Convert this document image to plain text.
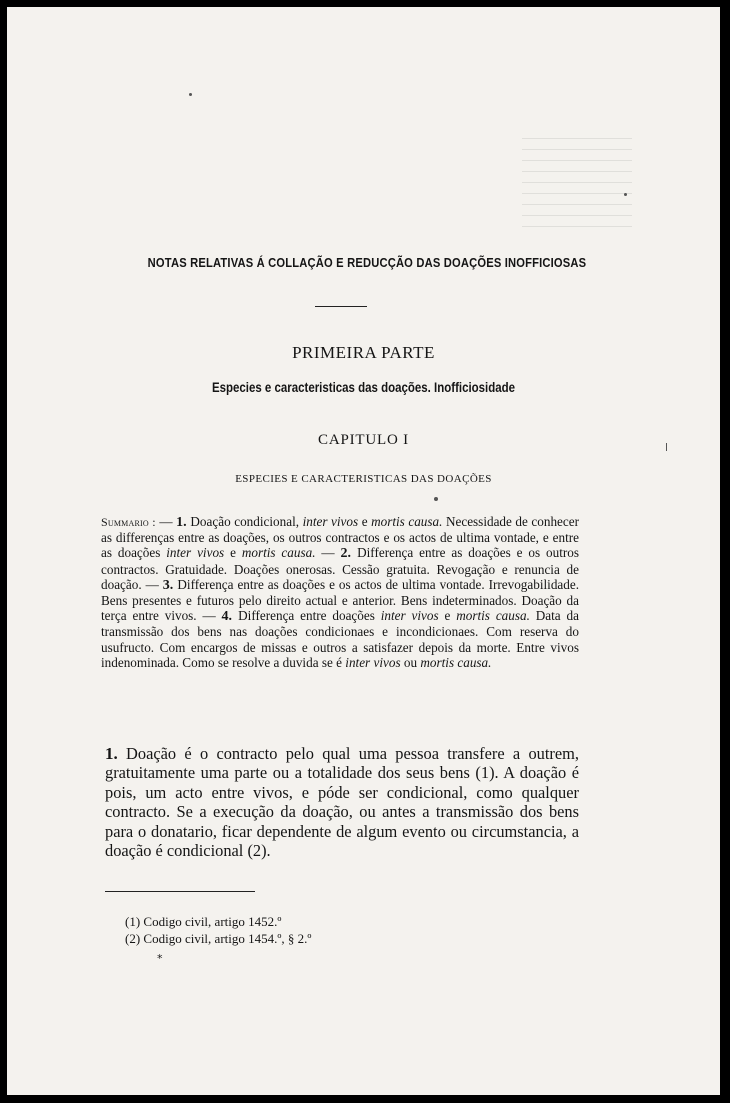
NOTAS RELATIVAS Á COLLAÇÃO E REDUCÇÃO DAS DOAÇÕES INOFFICIOSAS
PRIMEIRA PARTE
Especies e caracteristicas das doações. Inofficiosidade
CAPITULO I
ESPECIES E CARACTERISTICAS DAS DOAÇÕES

Summario : — 1. Doação condicional, inter vivos e mortis causa. Necessidade de conhecer as differenças entre as doações, os outros contractos e os actos de ultima vontade, e entre as doações inter vivos e mortis causa. — 2. Differença entre as doações e os outros contractos. Gratuidade. Doações onerosas. Cessão gratuita. Revogação e renuncia de doação. — 3. Differença entre as doações e os actos de ultima vontade. Irrevogabilidade. Bens presentes e futuros pelo direito actual e anterior. Bens indeterminados. Doação da terça entre vivos. — 4. Differença entre doações inter vivos e mortis causa. Data da transmissão dos bens nas doações condicionaes e incondicionaes. Com reserva do usufructo. Com encargos de missas e outros a satisfazer depois da morte. Entre vivos indenominada. Como se resolve a duvida se é inter vivos ou mortis causa.

1. Doação é o contracto pelo qual uma pessoa transfere a outrem, gratuitamente uma parte ou a totalidade dos seus bens (1). A doação é pois, um acto entre vivos, e póde ser condicional, como qualquer contracto. Se a execução da doação, ou antes a transmissão dos bens para o donatario, ficar dependente de algum evento ou circumstancia, a doação é condicional (2).
(1) Codigo civil, artigo 1452.º
(2) Codigo civil, artigo 1454.º, § 2.º
*
